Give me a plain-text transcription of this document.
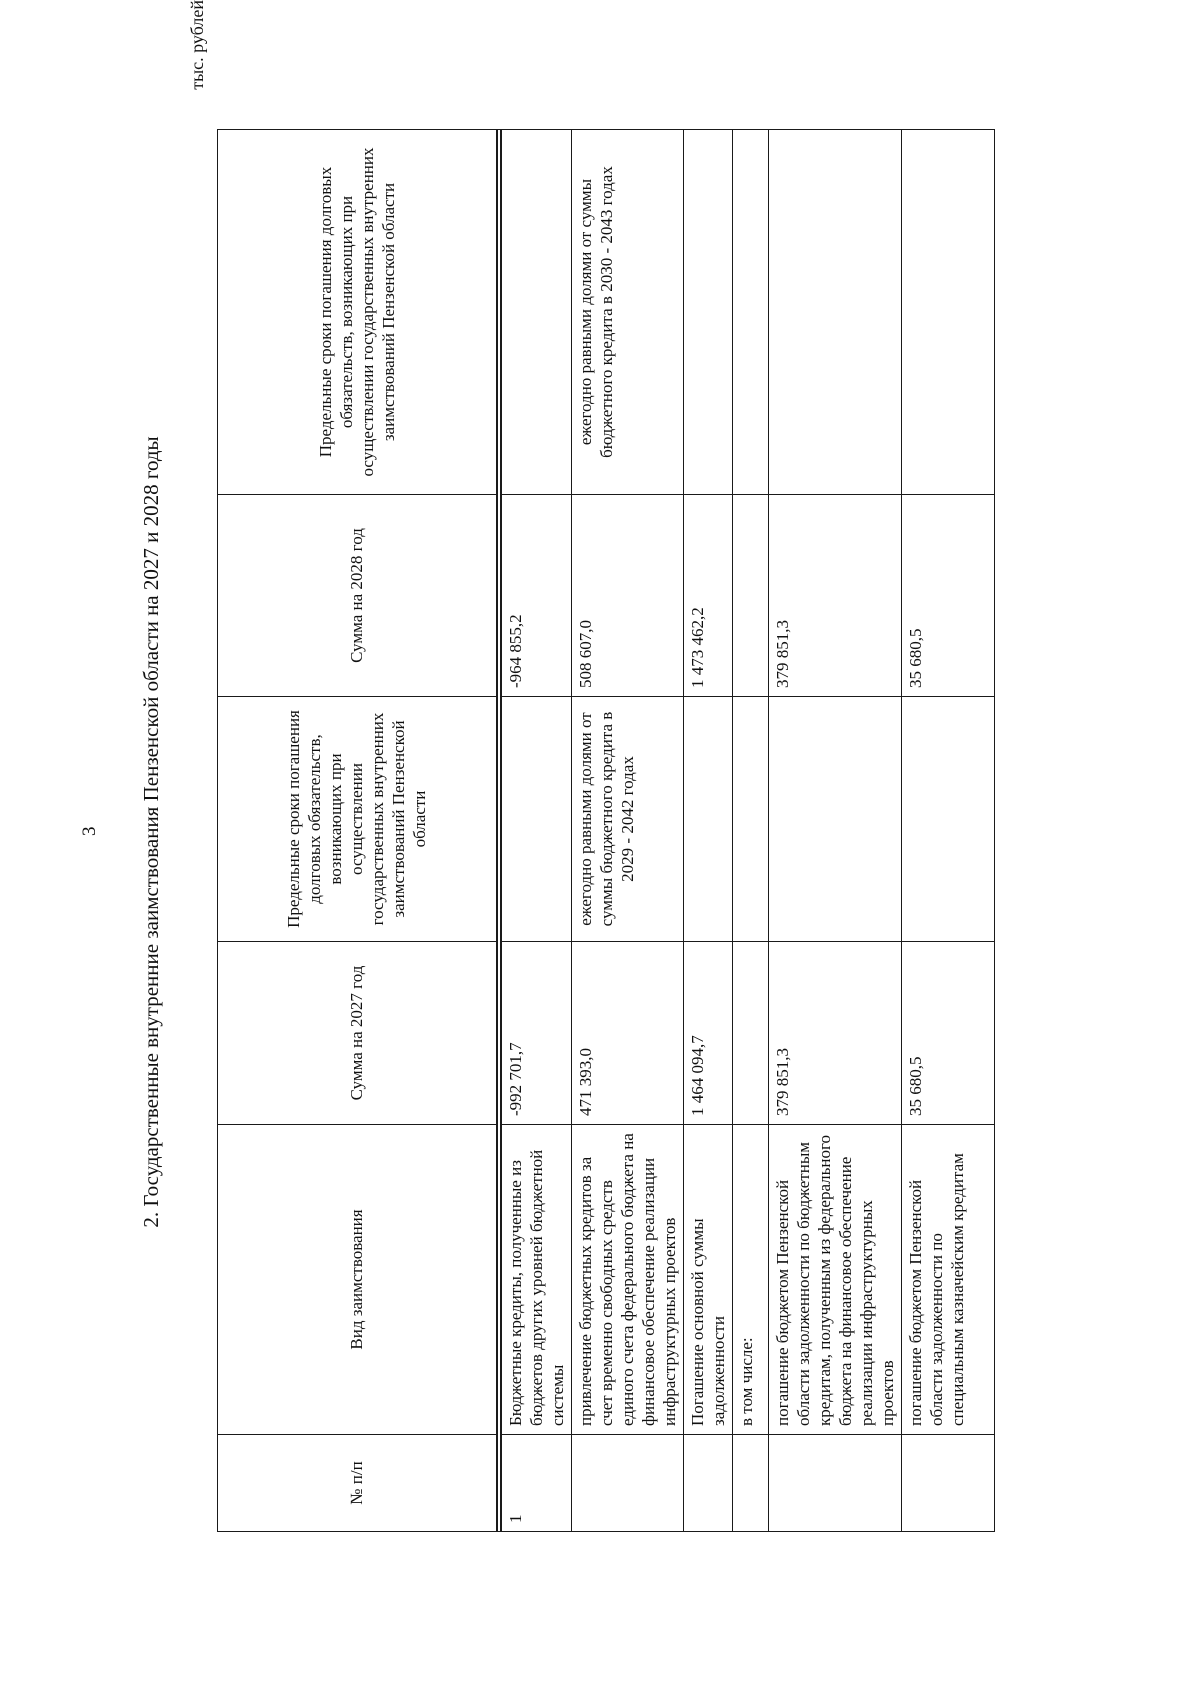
3 2. Государственные внутренние заимствования Пензенской области на 2027 и 2028 годы
тыс. рублей
№ п/п	Вид заимствования	Сумма на 2027 год	Предельные сроки погашения долговых обязательств, возникающих при осуществлении государственных внутренних заимствований Пензенской области	Сумма на 2028 год	Предельные сроки погашения долговых обязательств, возникающих при осуществлении государственных внутренних заимствований Пензенской области

1	Бюджетные кредиты, полученные из бюджетов других уровней бюджетной системы	-992 701,7		-964 855,2	
	привлечение бюджетных кредитов за счет временно свободных средств единого счета федерального бюджета на финансовое обеспечение реализации инфраструктурных проектов	471 393,0	ежегодно равными долями от суммы бюджетного кредита в 2029 - 2042 годах	508 607,0	ежегодно равными долями от суммы бюджетного кредита в 2030 - 2043 годах
	Погашение основной суммы задолженности	1 464 094,7		1 473 462,2	
	в том числе:				
	погашение бюджетом Пензенской области задолженности по бюджетным кредитам, полученным из федерального бюджета на финансовое обеспечение реализации инфраструктурных проектов	379 851,3		379 851,3	
	погашение бюджетом Пензенской области задолженности по специальным казначейским кредитам	35 680,5		35 680,5	
